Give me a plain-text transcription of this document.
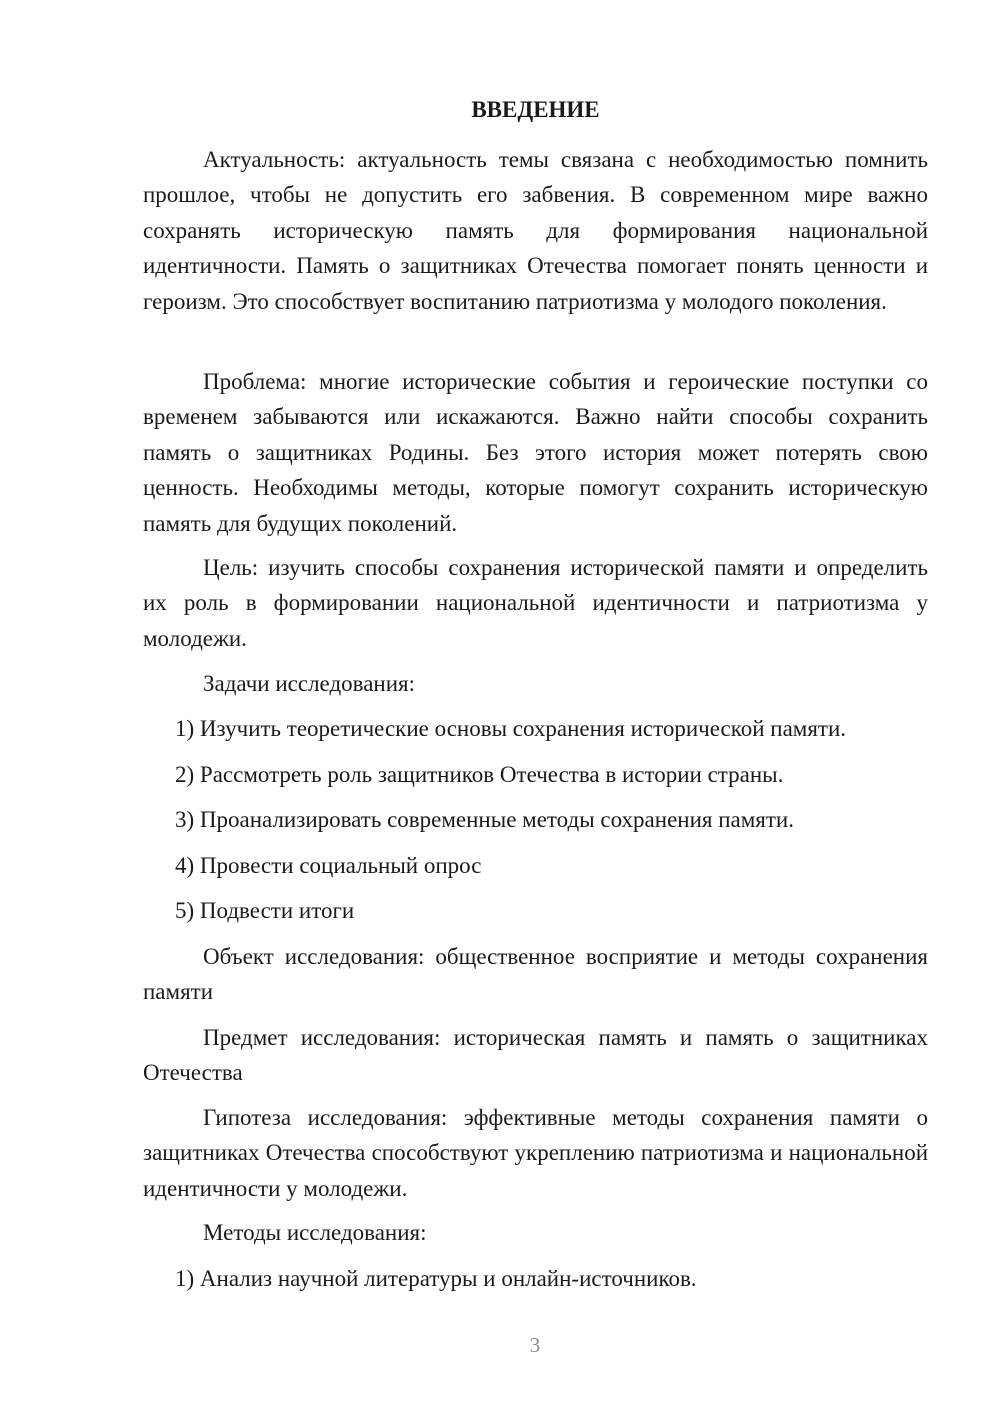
ВВЕДЕНИЕ

Актуальность: актуальность темы связана с необходимостью помнить прошлое, чтобы не допустить его забвения. В современном мире важно сохранять историческую память для формирования национальной идентичности. Память о защитниках Отечества помогает понять ценности и героизм. Это способствует воспитанию патриотизма у молодого поколения.

Проблема: многие исторические события и героические поступки со временем забываются или искажаются. Важно найти способы сохранить память о защитниках Родины. Без этого история может потерять свою ценность. Необходимы методы, которые помогут сохранить историческую память для будущих поколений.

Цель: изучить способы сохранения исторической памяти и определить их роль в формировании национальной идентичности и патриотизма у молодежи.

Задачи исследования:

1) Изучить теоретические основы сохранения исторической памяти.

2) Рассмотреть роль защитников Отечества в истории страны.

3) Проанализировать современные методы сохранения памяти.

4) Провести социальный опрос

5) Подвести итоги

Объект исследования: общественное восприятие и методы сохранения памяти

Предмет исследования: историческая память и память о защитниках Отечества

Гипотеза исследования: эффективные методы сохранения памяти о защитниках Отечества способствуют укреплению патриотизма и национальной идентичности у молодежи.

Методы исследования:

1) Анализ научной литературы и онлайн-источников.

3
